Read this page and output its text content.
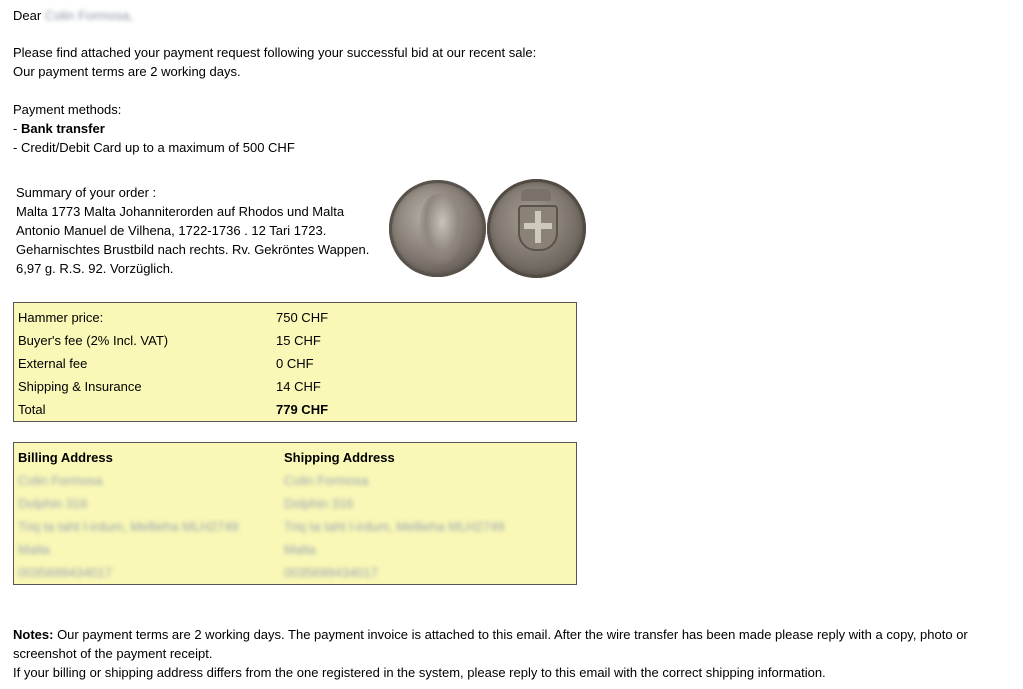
Dear Colin Formosa,
Please find attached your payment request following your successful bid at our recent sale:
Our payment terms are 2 working days.
Payment methods:
- Bank transfer
- Credit/Debit Card up to a maximum of 500 CHF
Summary of your order :
Malta 1773 Malta Johanniterorden auf Rhodos und Malta
Antonio Manuel de Vilhena, 1722-1736 . 12 Tari 1723.
Geharnischtes Brustbild nach rechts. Rv. Gekröntes Wappen.
6,97 g. R.S. 92. Vorzüglich.
Hammer price:	750 CHF
Buyer's fee (2% Incl. VAT)	15 CHF
External fee	0 CHF
Shipping & Insurance	14 CHF
Total	779 CHF
Billing Address	Shipping Address
Colin Formosa	Colin Formosa
Dolphin 316	Dolphin 316
Triq ta taht l-irdum, Mellieha MLH2749	Triq ta taht l-irdum, Mellieha MLH2749
Malta	Malta
0035699434017	0035699434017
Notes: Our payment terms are 2 working days. The payment invoice is attached to this email. After the wire transfer has been made please reply with a copy, photo or
screenshot of the payment receipt.
If your billing or shipping address differs from the one registered in the system, please reply to this email with the correct shipping information.
